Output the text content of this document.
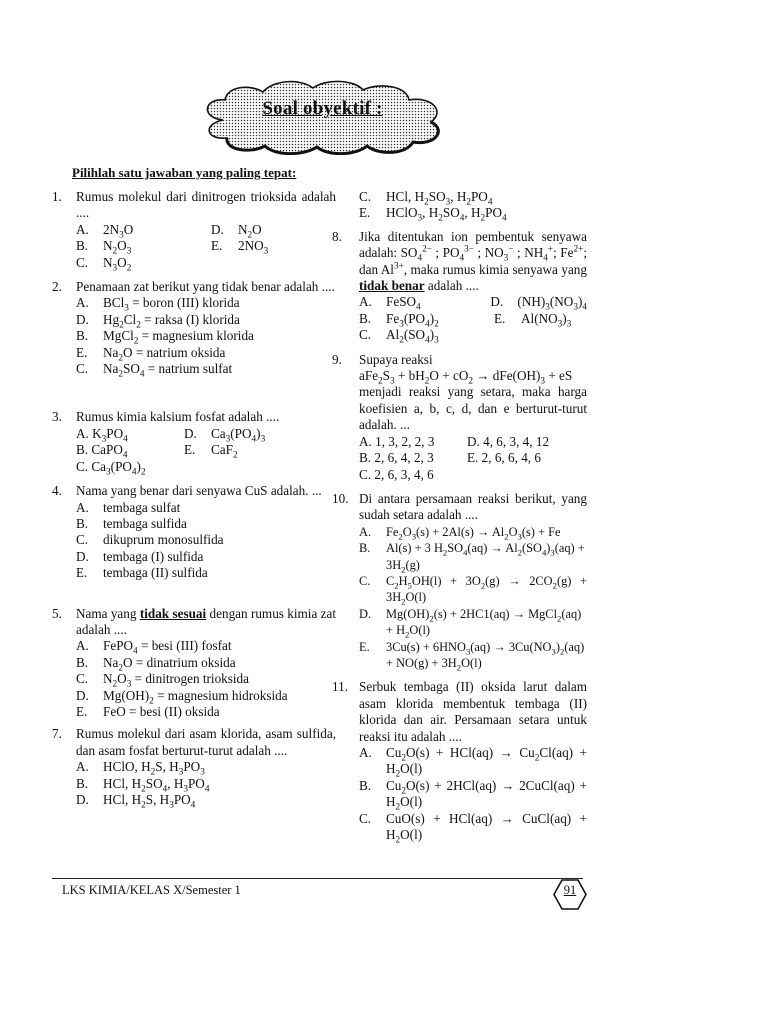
Soal obyektif :
Pilihlah satu jawaban yang paling tepat:
1. Rumus molekul dari dinitrogen trioksida adalah ....
A. $2N_3O$	D. $N_2O$
B. $N_2O_3$	E. $2NO_3$
C. $N_3O_2$
2. Penamaan zat berikut yang tidak benar adalah ....
A. BCl$_3$ = boron (III) klorida
D. $Hg_2Cl_2$ = raksa (I) klorida
B. MgCl$_2$ = magnesium klorida
E. $Na_2O$ = natrium oksida
C. $Na_2SO_4$ = natrium sulfat
3. Rumus kimia kalsium fosfat adalah ....
A. $K_3PO_4$	D. $Ca_3(PO_4)_3$
B. CaPO$_4$	E. CaF$_2$
C. $Ca_3(PO_4)_2$
4. Nama yang benar dari senyawa CuS adalah. ...
A. tembaga sulfat
B. tembaga sulfida
C. dikuprum monosulfida
D. tembaga (I) sulfida
E. tembaga (II) sulfida
5. Nama yang tidak sesuai dengan rumus kimia zat adalah ....
A. FePO$_4$ = besi (III) fosfat
B. $Na_2O$ = dinatrium oksida
C. $N_2O_3$ = dinitrogen trioksida
D. $Mg(OH)_2$ = magnesium hidroksida
E. FeO = besi (II) oksida
7. Rumus molekul dari asam klorida, asam sulfida, dan asam fosfat berturut-turut adalah ....
A. HClO, $H_2S$, $H_3PO_3$
B. HCl, $H_2SO_4$, $H_3PO_4$
D. HCl, $H_2S$, $H_3PO_4$
C. HCl, $H_2SO_3$, $H_2PO_4$
E. HClO$_3$, $H_2SO_4$, $H_2PO_4$
8. Jika ditentukan ion pembentuk senyawa adalah: $SO_4^{2-}$ ; $PO_4^{3-}$ ; $NO_3^-$ ; $NH_4^+$; $Fe^{2+}$; dan $Al^{3+}$, maka rumus kimia senyawa yang tidak benar adalah ....
A. FeSO$_4$	D. $(NH)_3(NO_3)_4$
B. $Fe_3(PO_4)_2$	E. $Al(NO_3)_3$
C. $Al_2(SO_4)_3$
9. Supaya reaksi
$aFe_2S_3 + bH_2O + cO_2 \to dFe(OH)_3$ + eS
menjadi reaksi yang setara, maka harga koefisien a, b, c, d, dan e berturut-turut adalah. ...
A. 1, 3, 2, 2, 3	D. 4, 6, 3, 4, 12
B. 2, 6, 4, 2, 3	E. 2, 6, 6, 4, 6
C. 2, 6, 3, 4, 6
10. Di antara persamaan reaksi berikut, yang sudah setara adalah ....
A. $Fe_2O_3(s) + 2Al(s) \to Al_2O_3(s) + Fe$
B. Al(s) + 3 $H_2SO_4(aq) \to Al_2(SO_4)_3(aq) + 3H_2(g)$
C. $C_2H_5OH(l) + 3O_2(g) \to 2CO_2(g) + 3H_2O(l)$
D. $Mg(OH)_2(s) + 2HC1(aq)$ → MgCl$_2$(aq) + $H_2O(l)$
E. $3Cu(s) + 6HNO_3(aq) \to 3Cu(NO_3)_2(aq) + NO(g) + 3H_2O(l)$
11. Serbuk tembaga (II) oksida larut dalam asam klorida membentuk tembaga (II) klorida dan air. Persamaan setara untuk reaksi itu adalah ....
A. $Cu_2O(s) + HCl(aq) \to Cu_2Cl(aq) + H_2O(l)$
B. $Cu_2O(s) + 2HCl(aq)$ → 2CuCl(aq) + $H_2O(l)$
C. CuO(s) + HCl(aq) → CuCl(aq) + $H_2O(l)$
LKS KIMIA/KELAS X/Semester 1	91
